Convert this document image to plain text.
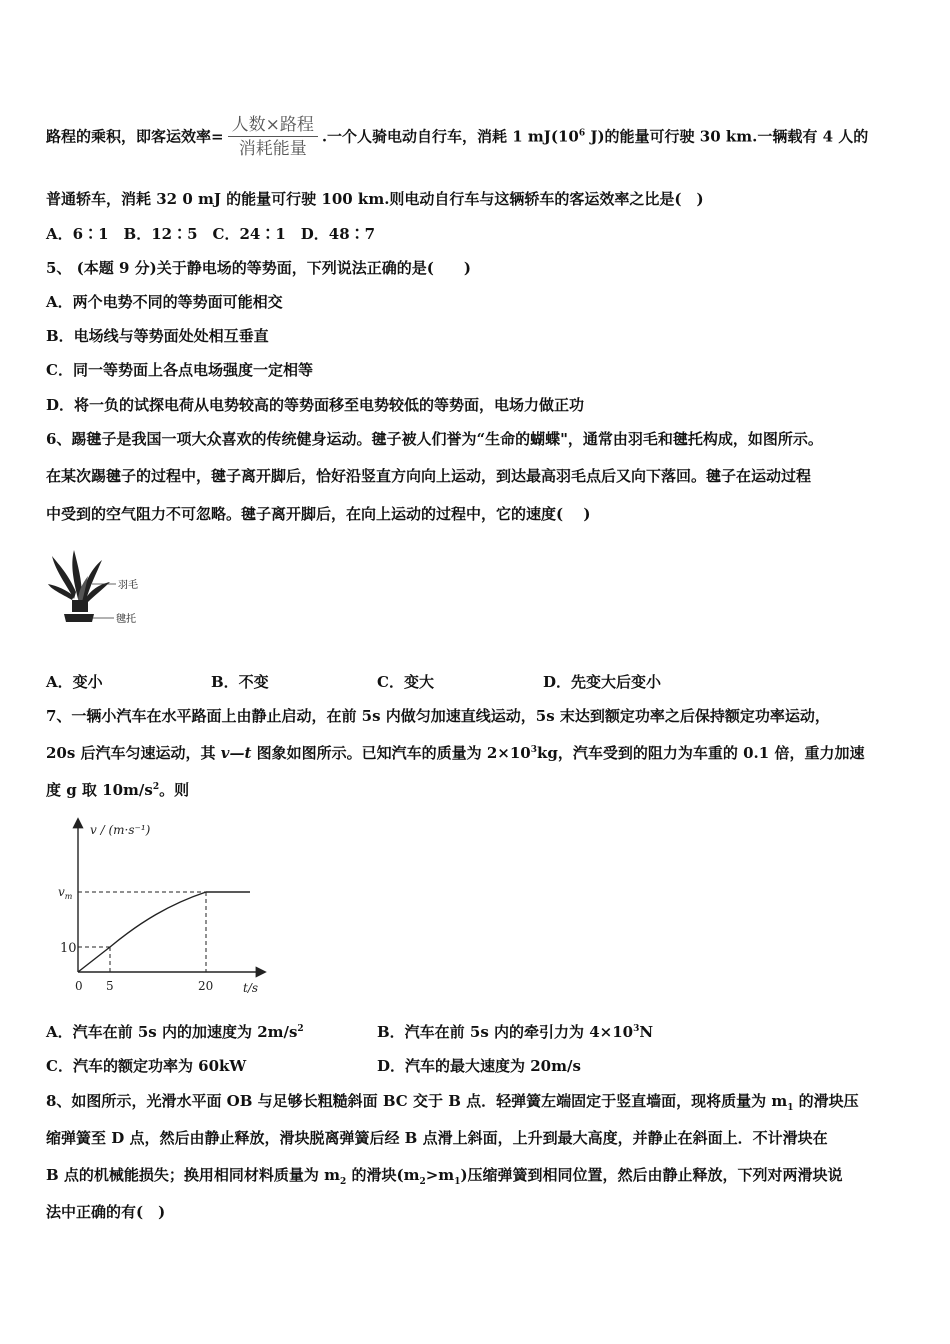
路程的乘积，即客运效率= $\frac{\text{人数×路程}}{\text{消耗能量}}$ .一个人骑电动自行车，消耗 1 $mJ(10^6$ J)的能量可行驶 30 km.一辆载有 4 人的
普通轿车，消耗 32 0 mJ 的能量可行驶 100 km.则电动自行车与这辆轿车的客运效率之比是(　)
A．6∶1　B．12∶5　C．24∶1　D．48∶7
5、 (本题 9 分)关于静电场的等势面，下列说法正确的是(　　)
A．两个电势不同的等势面可能相交
B．电场线与等势面处处相互垂直
C．同一等势面上各点电场强度一定相等
D．将一负的试探电荷从电势较高的等势面移至电势较低的等势面，电场力做正功
6、踢毽子是我国一项大众喜欢的传统健身运动。毽子被人们誉为“生命的蝴蝶"，通常由羽毛和毽托构成，如图所示。
在某次踢毽子的过程中，毽子离开脚后，恰好沿竖直方向向上运动，到达最高羽毛点后又向下落回。毽子在运动过程
中受到的空气阻力不可忽略。毽子离开脚后，在向上运动的过程中，它的速度(　 )
羽毛
毽托
A．变小	B．不变	C．变大	D．先变大后变小
7、一辆小汽车在水平路面上由静止启动，在前 5s 内做匀加速直线运动，5s 末达到额定功率之后保持额定功率运动，
20s 后汽车匀速运动，其 v—t 图象如图所示。已知汽车的质量为 $2\times 10^3kg$，汽车受到的阻力为车重的 0.1 倍，重力加速
度 g 取 $10m/s^2$。则
v / (m·s⁻¹)
$v_m$
10
0 5	20 t/s
A．汽车在前 5s 内的加速度为 $2m/s^2$	B．汽车在前 5s 内的牵引力为 $4\times 10^3N$
C．汽车的额定功率为 60kW	D．汽车的最大速度为 20m/s
8、如图所示，光滑水平面 OB 与足够长粗糙斜面 BC 交于 B 点．轻弹簧左端固定于竖直墙面，现将质量为 $m_1$ 的滑块压
缩弹簧至 D 点，然后由静止释放，滑块脱离弹簧后经 B 点滑上斜面，上升到最大高度，并静止在斜面上．不计滑块在
B 点的机械能损失；换用相同材料质量为 $m_2$ 的滑块$(m_2>m_1)$压缩弹簧到相同位置，然后由静止释放，下列对两滑块说
法中正确的有(　)
